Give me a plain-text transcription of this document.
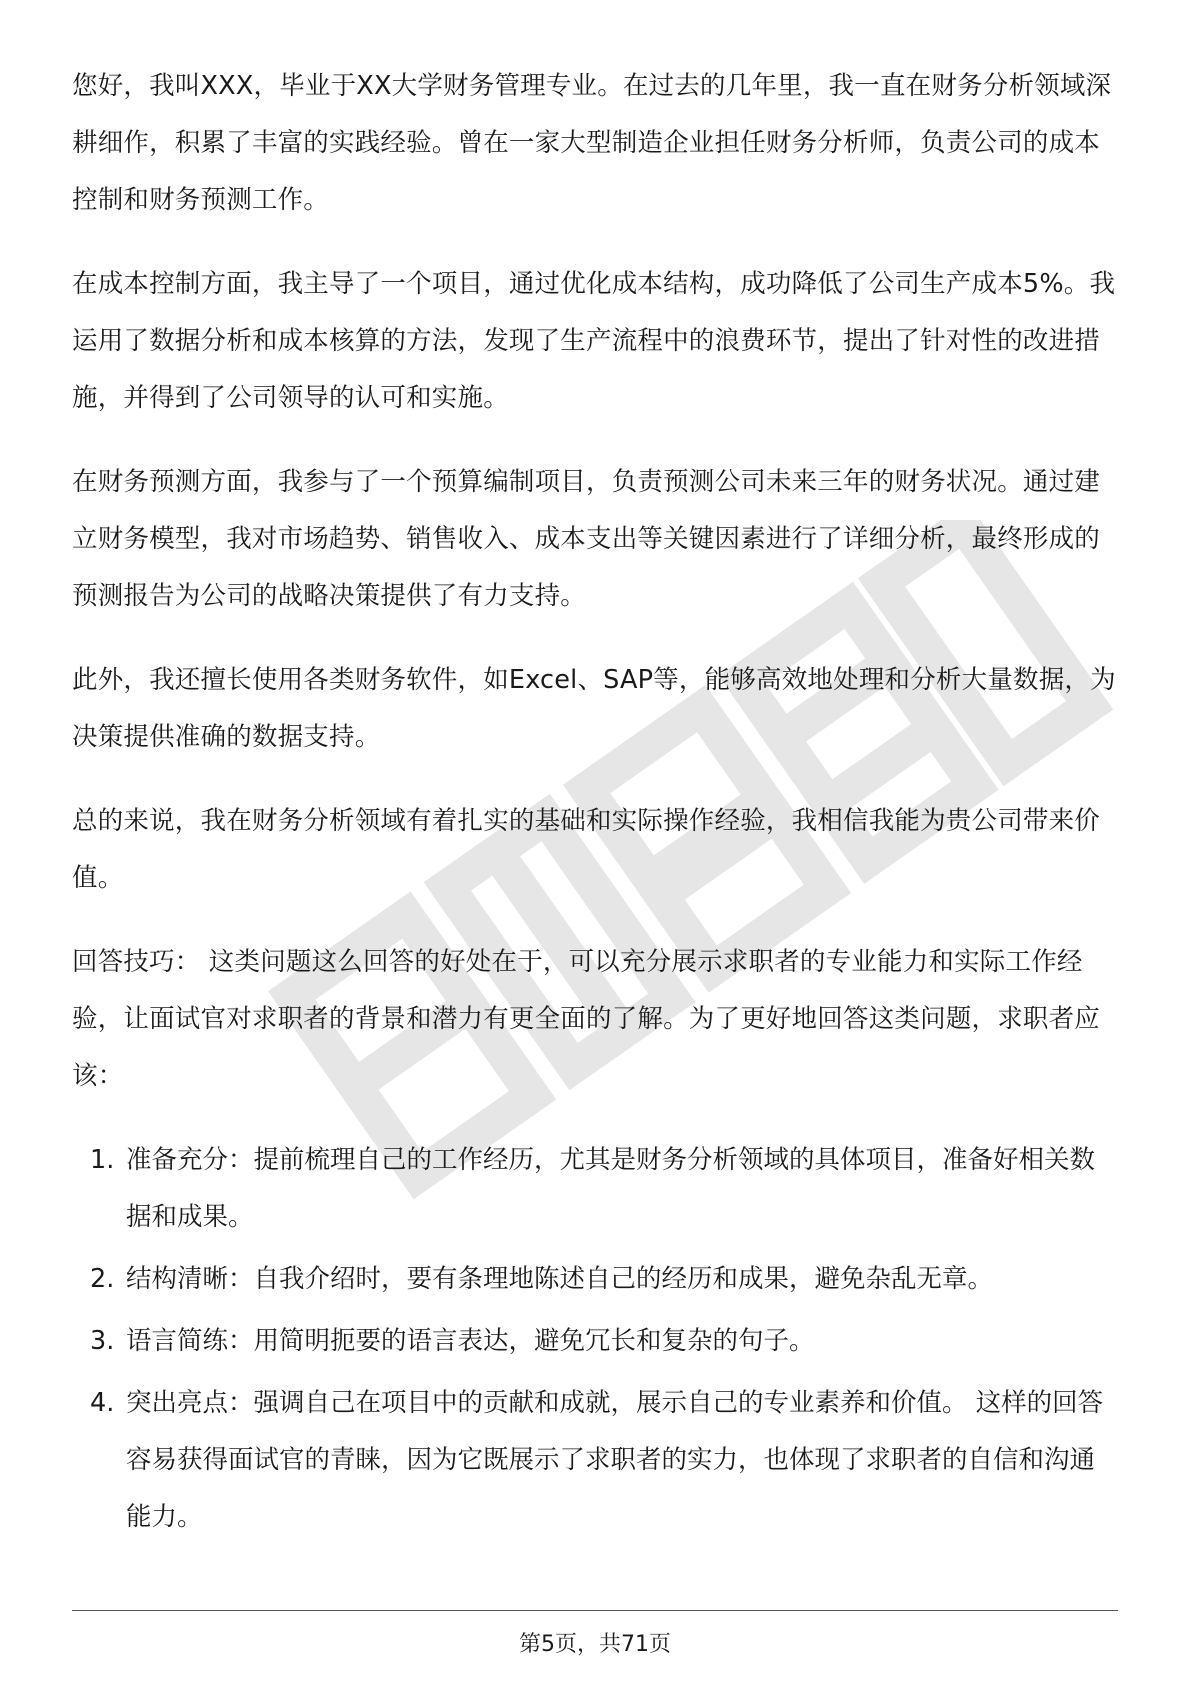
您好，我叫XXX，毕业于XX大学财务管理专业。在过去的几年里，我一直在财务分析领域深耕细作，积累了丰富的实践经验。曾在一家大型制造企业担任财务分析师，负责公司的成本控制和财务预测工作。

在成本控制方面，我主导了一个项目，通过优化成本结构，成功降低了公司生产成本5%。我运用了数据分析和成本核算的方法，发现了生产流程中的浪费环节，提出了针对性的改进措施，并得到了公司领导的认可和实施。

在财务预测方面，我参与了一个预算编制项目，负责预测公司未来三年的财务状况。通过建立财务模型，我对市场趋势、销售收入、成本支出等关键因素进行了详细分析，最终形成的预测报告为公司的战略决策提供了有力支持。

此外，我还擅长使用各类财务软件，如Excel、SAP等，能够高效地处理和分析大量数据，为决策提供准确的数据支持。

总的来说，我在财务分析领域有着扎实的基础和实际操作经验，我相信我能为贵公司带来价值。

回答技巧： 这类问题这么回答的好处在于，可以充分展示求职者的专业能力和实际工作经验，让面试官对求职者的背景和潜力有更全面的了解。为了更好地回答这类问题，求职者应该：

1. 准备充分：提前梳理自己的工作经历，尤其是财务分析领域的具体项目，准备好相关数据和成果。
2. 结构清晰：自我介绍时，要有条理地陈述自己的经历和成果，避免杂乱无章。
3. 语言简练：用简明扼要的语言表达，避免冗长和复杂的句子。
4. 突出亮点：强调自己在项目中的贡献和成就，展示自己的专业素养和价值。 这样的回答容易获得面试官的青睐，因为它既展示了求职者的实力，也体现了求职者的自信和沟通能力。
第5页，共71页
